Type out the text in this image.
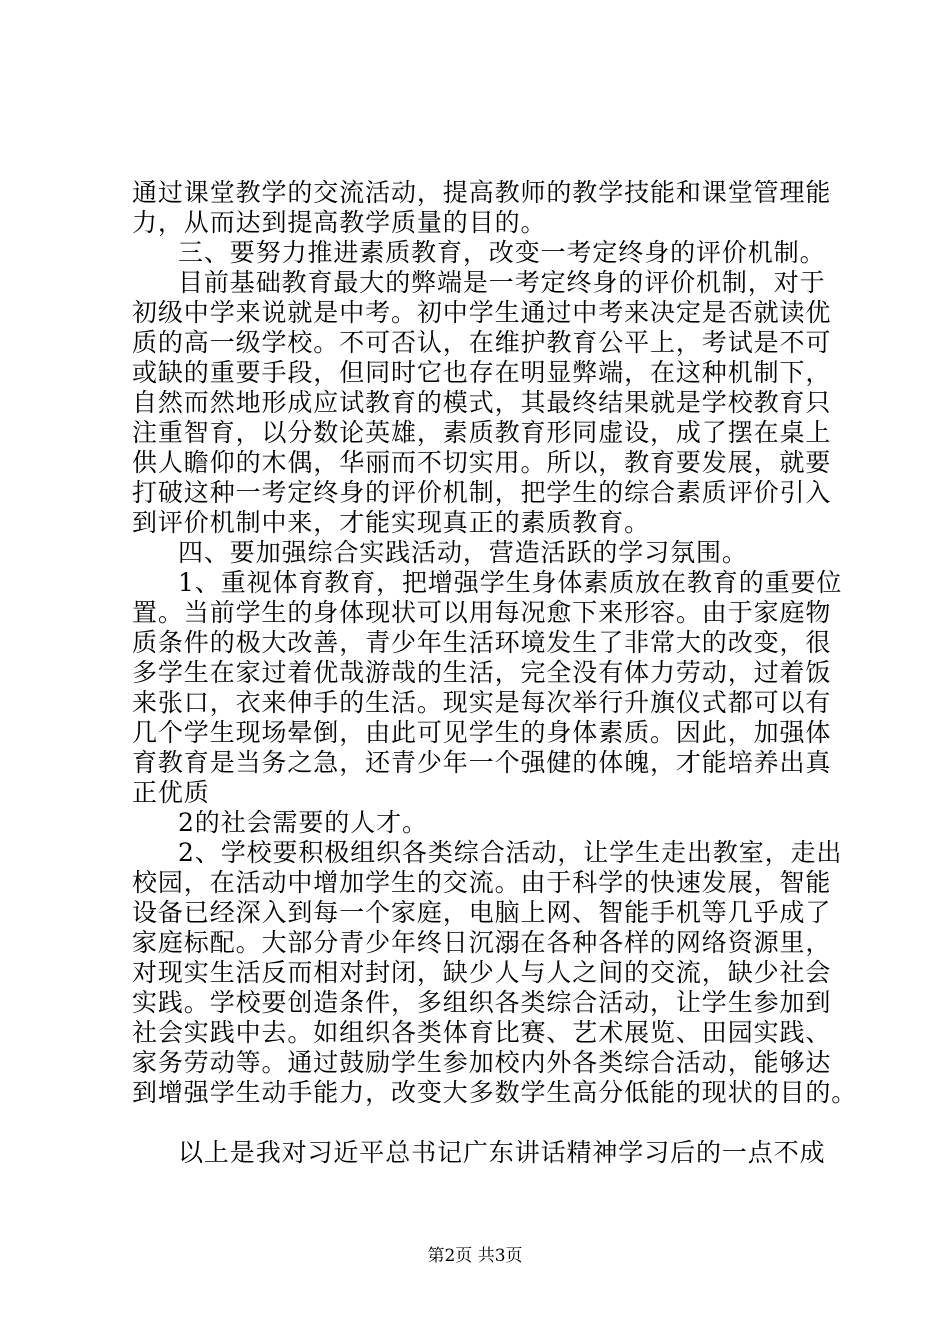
通过课堂教学的交流活动，提高教师的教学技能和课堂管理能
力，从而达到提高教学质量的目的。
三、要努力推进素质教育，改变一考定终身的评价机制。
目前基础教育最大的弊端是一考定终身的评价机制，对于
初级中学来说就是中考。初中学生通过中考来决定是否就读优
质的高一级学校。不可否认，在维护教育公平上，考试是不可
或缺的重要手段，但同时它也存在明显弊端，在这种机制下，
自然而然地形成应试教育的模式，其最终结果就是学校教育只
注重智育，以分数论英雄，素质教育形同虚设，成了摆在桌上
供人瞻仰的木偶，华丽而不切实用。所以，教育要发展，就要
打破这种一考定终身的评价机制，把学生的综合素质评价引入
到评价机制中来，才能实现真正的素质教育。
四、要加强综合实践活动，营造活跃的学习氛围。
1、重视体育教育，把增强学生身体素质放在教育的重要位
置。当前学生的身体现状可以用每况愈下来形容。由于家庭物
质条件的极大改善，青少年生活环境发生了非常大的改变，很
多学生在家过着优哉游哉的生活，完全没有体力劳动，过着饭
来张口，衣来伸手的生活。现实是每次举行升旗仪式都可以有
几个学生现场晕倒，由此可见学生的身体素质。因此，加强体
育教育是当务之急，还青少年一个强健的体魄，才能培养出真
正优质
2的社会需要的人才。
2、学校要积极组织各类综合活动，让学生走出教室，走出
校园，在活动中增加学生的交流。由于科学的快速发展，智能
设备已经深入到每一个家庭，电脑上网、智能手机等几乎成了
家庭标配。大部分青少年终日沉溺在各种各样的网络资源里，
对现实生活反而相对封闭，缺少人与人之间的交流，缺少社会
实践。学校要创造条件，多组织各类综合活动，让学生参加到
社会实践中去。如组织各类体育比赛、艺术展览、田园实践、
家务劳动等。通过鼓励学生参加校内外各类综合活动，能够达
到增强学生动手能力，改变大多数学生高分低能的现状的目的。
以上是我对习近平总书记广东讲话精神学习后的一点不成
第2页 共3页
